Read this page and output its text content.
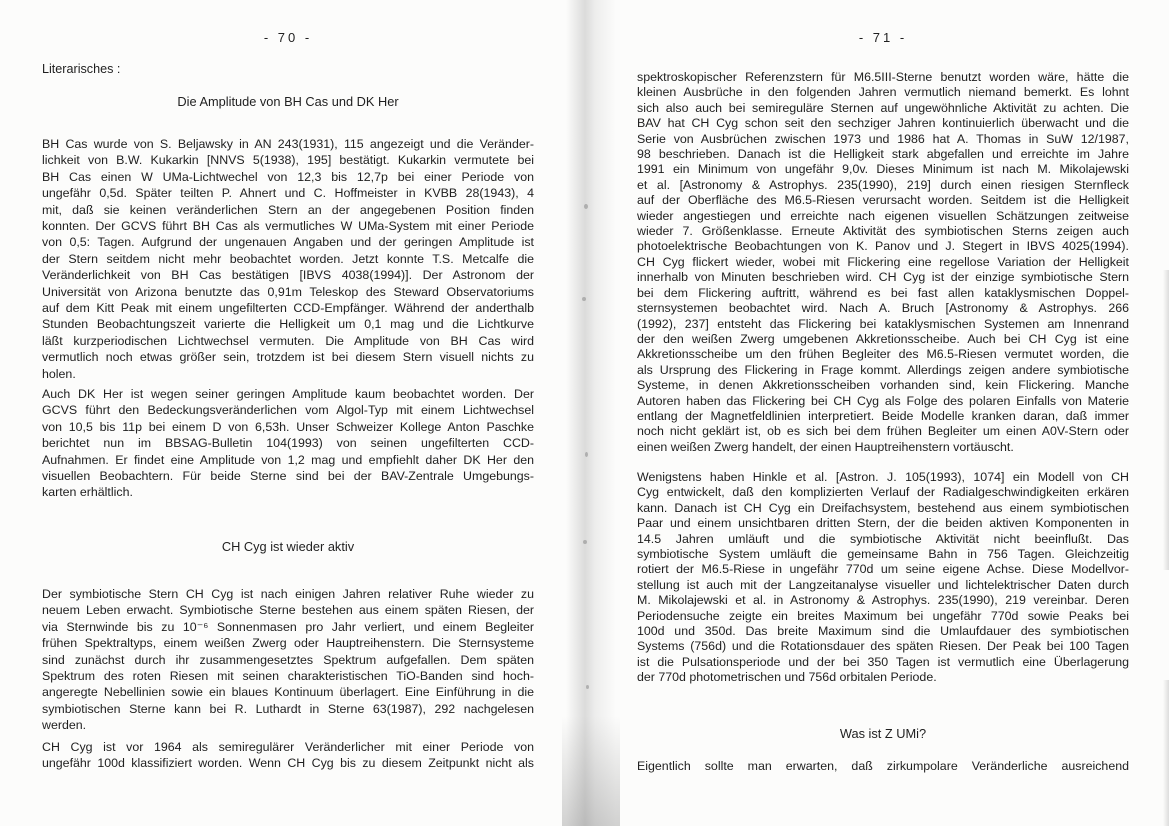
- 70 -
Literarisches :
Die Amplitude von BH Cas und DK Her
BH Cas wurde von S. Beljawsky in AN 243(1931), 115 angezeigt und die Veränder-
lichkeit von B.W. Kukarkin [NNVS 5(1938), 195] bestätigt. Kukarkin vermutete bei
BH Cas einen W UMa-Lichtwechel von 12,3 bis 12,7p bei einer Periode von
ungefähr 0,5d. Später teilten P. Ahnert und C. Hoffmeister in KVBB 28(1943), 4
mit, daß sie keinen veränderlichen Stern an der angegebenen Position finden
konnten. Der GCVS führt BH Cas als vermutliches W UMa-System mit einer Periode
von 0,5: Tagen. Aufgrund der ungenauen Angaben und der geringen Amplitude ist
der Stern seitdem nicht mehr beobachtet worden. Jetzt konnte T.S. Metcalfe die
Veränderlichkeit von BH Cas bestätigen [IBVS 4038(1994)]. Der Astronom der
Universität von Arizona benutzte das 0,91m Teleskop des Steward Observatoriums
auf dem Kitt Peak mit einem ungefilterten CCD-Empfänger. Während der anderthalb
Stunden Beobachtungszeit varierte die Helligkeit um 0,1 mag und die Lichtkurve
läßt kurzperiodischen Lichtwechsel vermuten. Die Amplitude von BH Cas wird
vermutlich noch etwas größer sein, trotzdem ist bei diesem Stern visuell nichts zu
holen.
Auch DK Her ist wegen seiner geringen Amplitude kaum beobachtet worden. Der
GCVS führt den Bedeckungsveränderlichen vom Algol-Typ mit einem Lichtwechsel
von 10,5 bis 11p bei einem D von 6,53h. Unser Schweizer Kollege Anton Paschke
berichtet nun im BBSAG-Bulletin 104(1993) von seinen ungefilterten CCD-
Aufnahmen. Er findet eine Amplitude von 1,2 mag und empfiehlt daher DK Her den
visuellen Beobachtern. Für beide Sterne sind bei der BAV-Zentrale Umgebungs-
karten erhältlich.
CH Cyg ist wieder aktiv
Der symbiotische Stern CH Cyg ist nach einigen Jahren relativer Ruhe wieder zu
neuem Leben erwacht. Symbiotische Sterne bestehen aus einem späten Riesen, der
via Sternwinde bis zu 10⁻⁶ Sonnenmasen pro Jahr verliert, und einem Begleiter
frühen Spektraltyps, einem weißen Zwerg oder Hauptreihenstern. Die Sternsysteme
sind zunächst durch ihr zusammengesetztes Spektrum aufgefallen. Dem späten
Spektrum des roten Riesen mit seinen charakteristischen TiO-Banden sind hoch-
angeregte Nebellinien sowie ein blaues Kontinuum überlagert. Eine Einführung in die
symbiotischen Sterne kann bei R. Luthardt in Sterne 63(1987), 292 nachgelesen
werden.
CH Cyg ist vor 1964 als semiregulärer Veränderlicher mit einer Periode von
ungefähr 100d klassifiziert worden. Wenn CH Cyg bis zu diesem Zeitpunkt nicht als
- 71 -
spektroskopischer Referenzstern für M6.5III-Sterne benutzt worden wäre, hätte die
kleinen Ausbrüche in den folgenden Jahren vermutlich niemand bemerkt. Es lohnt
sich also auch bei semireguläre Sternen auf ungewöhnliche Aktivität zu achten. Die
BAV hat CH Cyg schon seit den sechziger Jahren kontinuierlich überwacht und die
Serie von Ausbrüchen zwischen 1973 und 1986 hat A. Thomas in SuW 12/1987,
98 beschrieben. Danach ist die Helligkeit stark abgefallen und erreichte im Jahre
1991 ein Minimum von ungefähr 9,0v. Dieses Minimum ist nach M. Mikolajewski
et al. [Astronomy & Astrophys. 235(1990), 219] durch einen riesigen Sternfleck
auf der Oberfläche des M6.5-Riesen verursacht worden. Seitdem ist die Helligkeit
wieder angestiegen und erreichte nach eigenen visuellen Schätzungen zeitweise
wieder 7. Größenklasse. Erneute Aktivität des symbiotischen Sterns zeigen auch
photoelektrische Beobachtungen von K. Panov und J. Stegert in IBVS 4025(1994).
CH Cyg flickert wieder, wobei mit Flickering eine regellose Variation der Helligkeit
innerhalb von Minuten beschrieben wird. CH Cyg ist der einzige symbiotische Stern
bei dem Flickering auftritt, während es bei fast allen kataklysmischen Doppel-
sternsystemen beobachtet wird. Nach A. Bruch [Astronomy & Astrophys. 266
(1992), 237] entsteht das Flickering bei kataklysmischen Systemen am Innenrand
der den weißen Zwerg umgebenen Akkretionsscheibe. Auch bei CH Cyg ist eine
Akkretionsscheibe um den frühen Begleiter des M6.5-Riesen vermutet worden, die
als Ursprung des Flickering in Frage kommt. Allerdings zeigen andere symbiotische
Systeme, in denen Akkretionsscheiben vorhanden sind, kein Flickering. Manche
Autoren haben das Flickering bei CH Cyg als Folge des polaren Einfalls von Materie
entlang der Magnetfeldlinien interpretiert. Beide Modelle kranken daran, daß immer
noch nicht geklärt ist, ob es sich bei dem frühen Begleiter um einen A0V-Stern oder
einen weißen Zwerg handelt, der einen Hauptreihenstern vortäuscht.
Wenigstens haben Hinkle et al. [Astron. J. 105(1993), 1074] ein Modell von CH
Cyg entwickelt, daß den komplizierten Verlauf der Radialgeschwindigkeiten erkären
kann. Danach ist CH Cyg ein Dreifachsystem, bestehend aus einem symbiotischen
Paar und einem unsichtbaren dritten Stern, der die beiden aktiven Komponenten in
14.5 Jahren umläuft und die symbiotische Aktivität nicht beeinflußt. Das
symbiotische System umläuft die gemeinsame Bahn in 756 Tagen. Gleichzeitig
rotiert der M6.5-Riese in ungefähr 770d um seine eigene Achse. Diese Modellvor-
stellung ist auch mit der Langzeitanalyse visueller und lichtelektrischer Daten durch
M. Mikolajewski et al. in Astronomy & Astrophys. 235(1990), 219 vereinbar. Deren
Periodensuche zeigte ein breites Maximum bei ungefähr 770d sowie Peaks bei
100d und 350d. Das breite Maximum sind die Umlaufdauer des symbiotischen
Systems (756d) und die Rotationsdauer des späten Riesen. Der Peak bei 100 Tagen
ist die Pulsationsperiode und der bei 350 Tagen ist vermutlich eine Überlagerung
der 770d photometrischen und 756d orbitalen Periode.
Was ist Z UMi?
Eigentlich sollte man erwarten, daß zirkumpolare Veränderliche ausreichend
